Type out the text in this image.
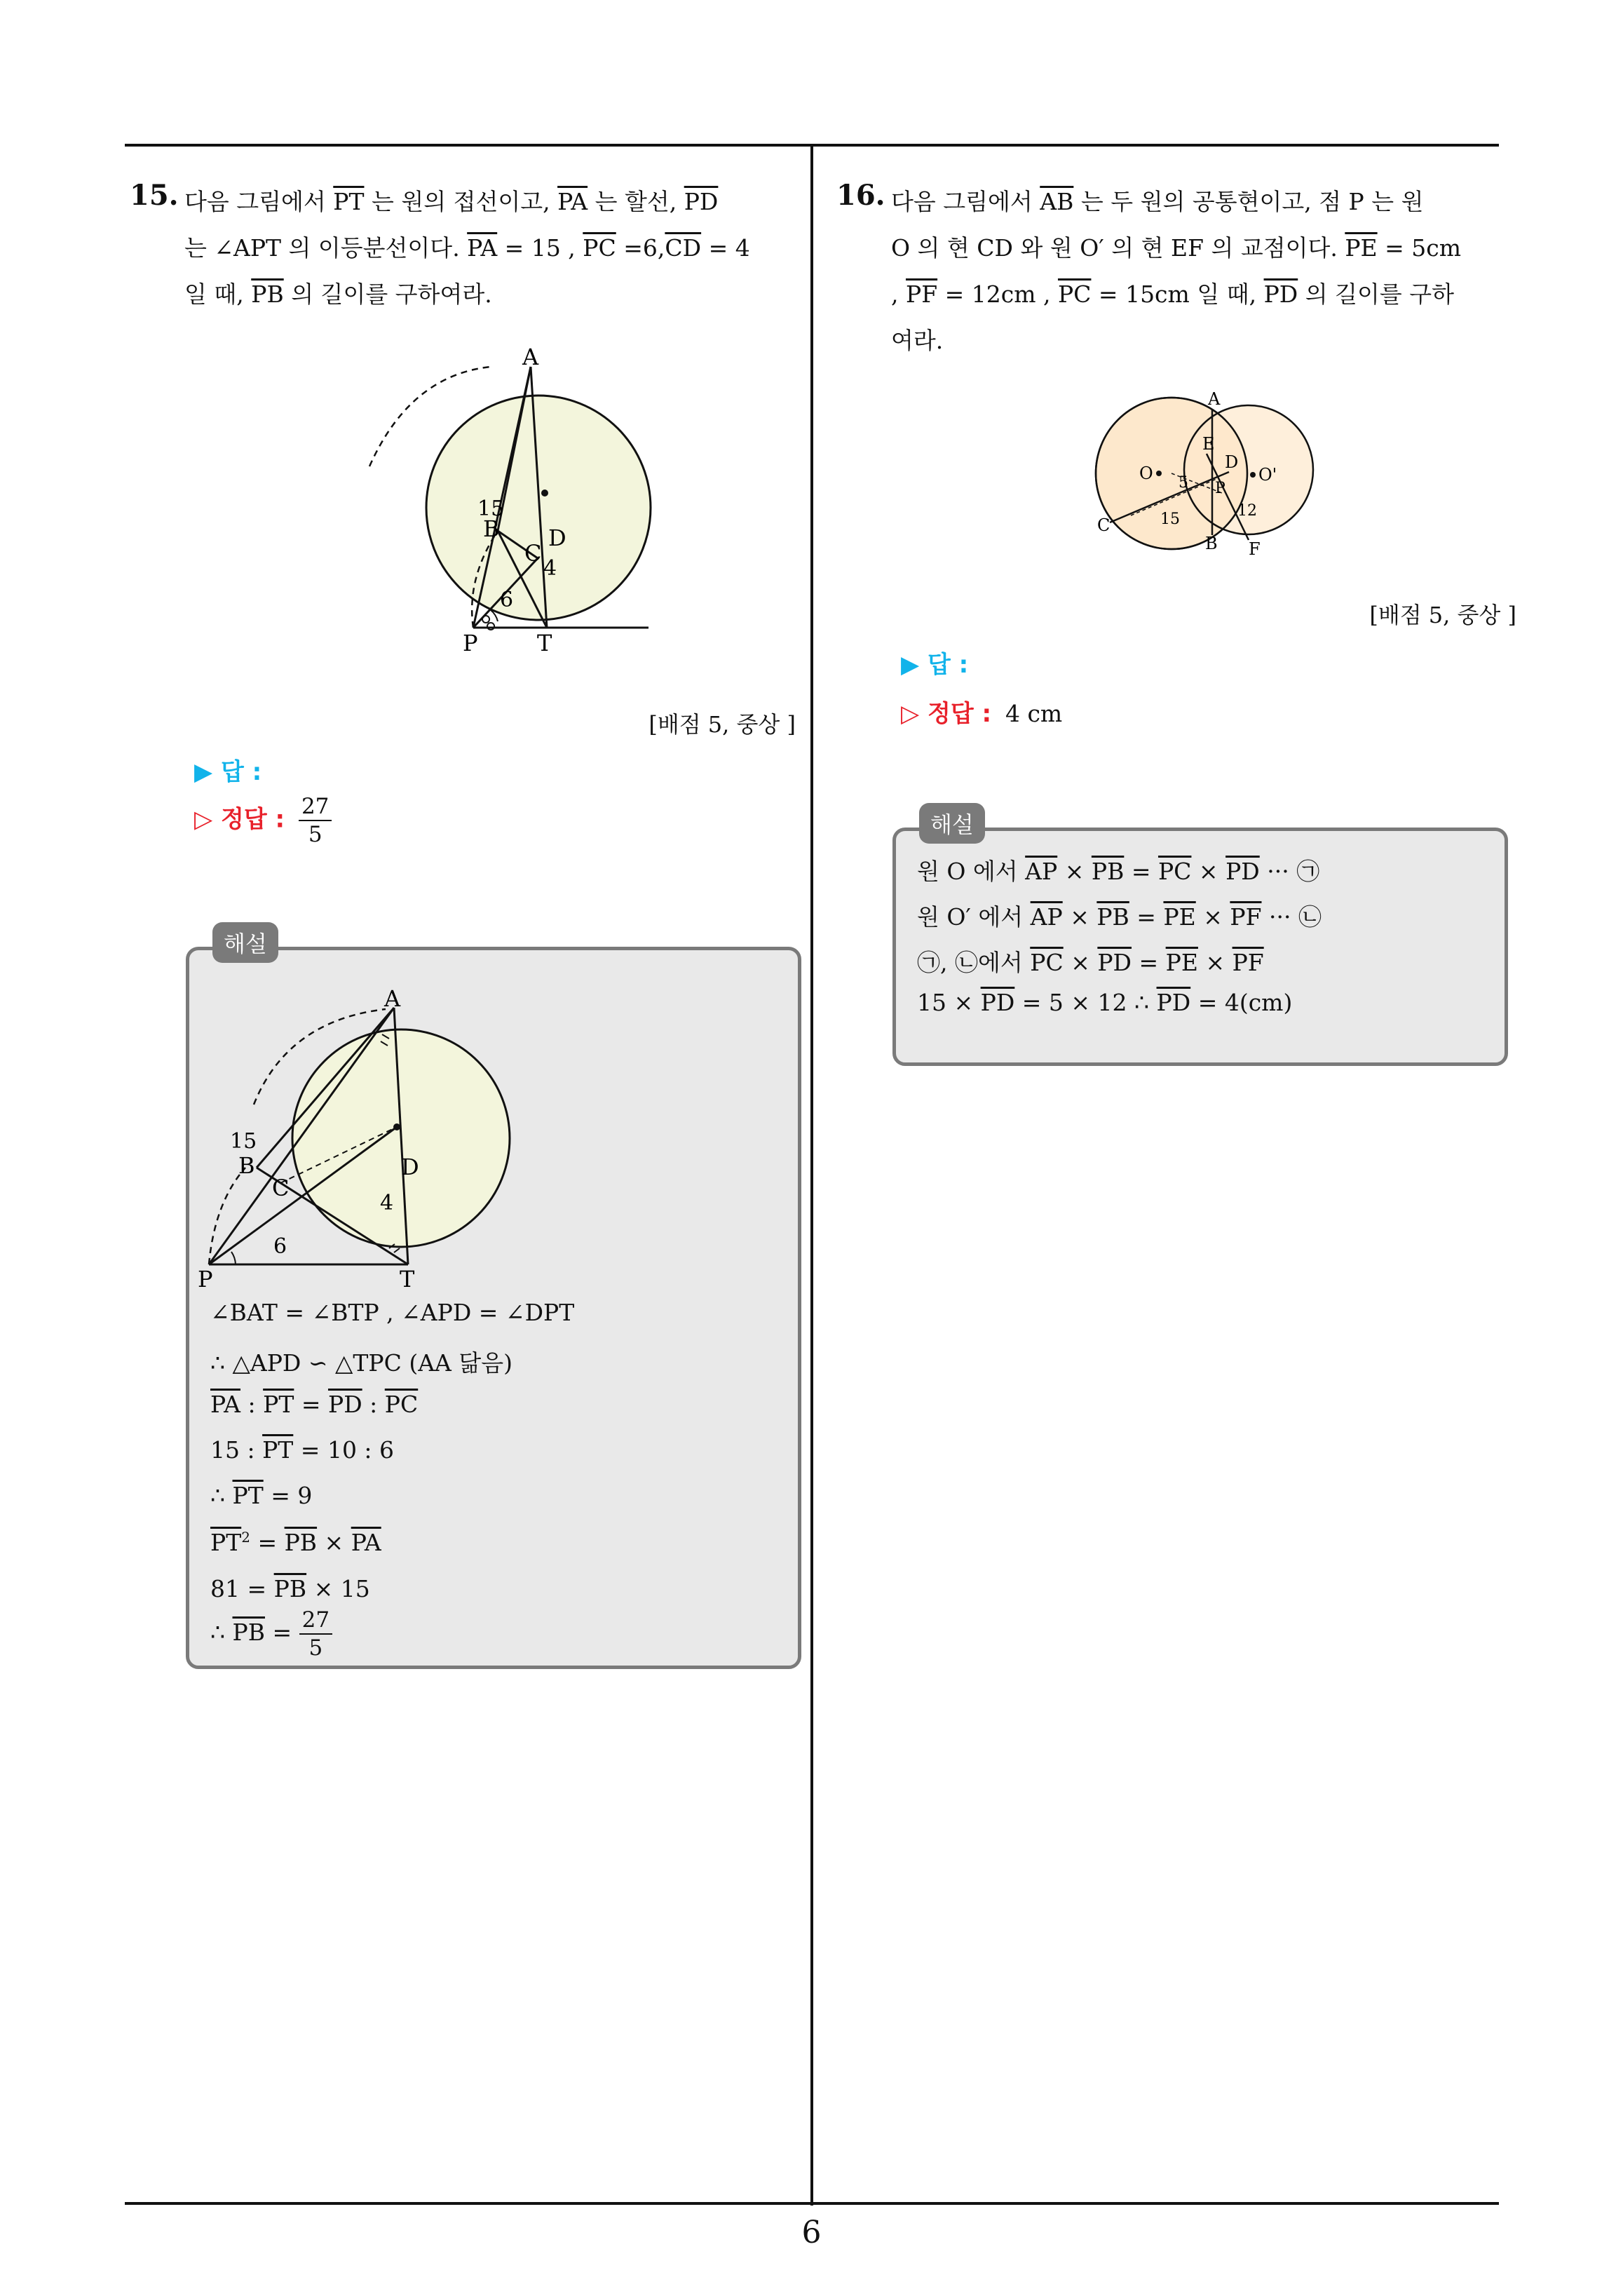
15. 다음 그림에서 $\overline{PT}$ 는 원의 접선이고, $\overline{PA}$ 는 할선, $\overline{PD}$
는 ∠APT 의 이등분선이다. $\overline{PA} = 15$ , $\overline{PC} =6,\overline{CD} = 4$
일 때, $\overline{PB}$ 의 길이를 구하여라.
A
B
C
D
P	T
6
4
15
[배점 5, 중상 ]
▶ 답 :
▷ 정답 : $\frac{27}{5}$
A
B
C
D
P	T
6
4
15
∠BAT = ∠BTP , ∠APD = ∠DPT
∴ △APD ∽ △TPC (AA 닮음)
$\overline{PA}$ : $\overline{PT} = \overline{PD}$ : $\overline{PC}$
15 : $\overline{PT} = 10$ : 6
∴ $\overline{PT} = 9$
$\overline{PT}^2 = \overline{PB} \times \overline{PA}$
$81 = \overline{PB} \times 15$
∴ $\overline{PB} = \frac{27}{5}$
해설
16. 다음 그림에서 $\overline{AB}$ 는 두 원의 공통현이고, 점 P 는 원
O 의 현 CD 와 원 O′ 의 현 EF 의 교점이다. $\overline{PE} = 5cm$
, $\overline{PF} = 12cm$ , $\overline{PC} = 15cm$ 일 때, $\overline{PD}$ 의 길이를 구하
여라.
A
B
C
D
E
F
O	O'
P
5
15	12
[배점 5, 중상 ]
▶ 답 :
▷ 정답 : 4 cm
원 O 에서 $\overline{AP} \times \overline{PB} = \overline{PC} \times \overline{PD}$ ··· ㉠
원 O′ 에서 $\overline{AP} \times \overline{PB} = \overline{PE} \times \overline{PF}$ ··· ㉡
㉠, ㉡에서 $\overline{PC} \times \overline{PD} = \overline{PE} \times \overline{PF}$
$15 \times \overline{PD} = 5 \times 12$ ∴ $\overline{PD} = 4(cm)$
해설
6
